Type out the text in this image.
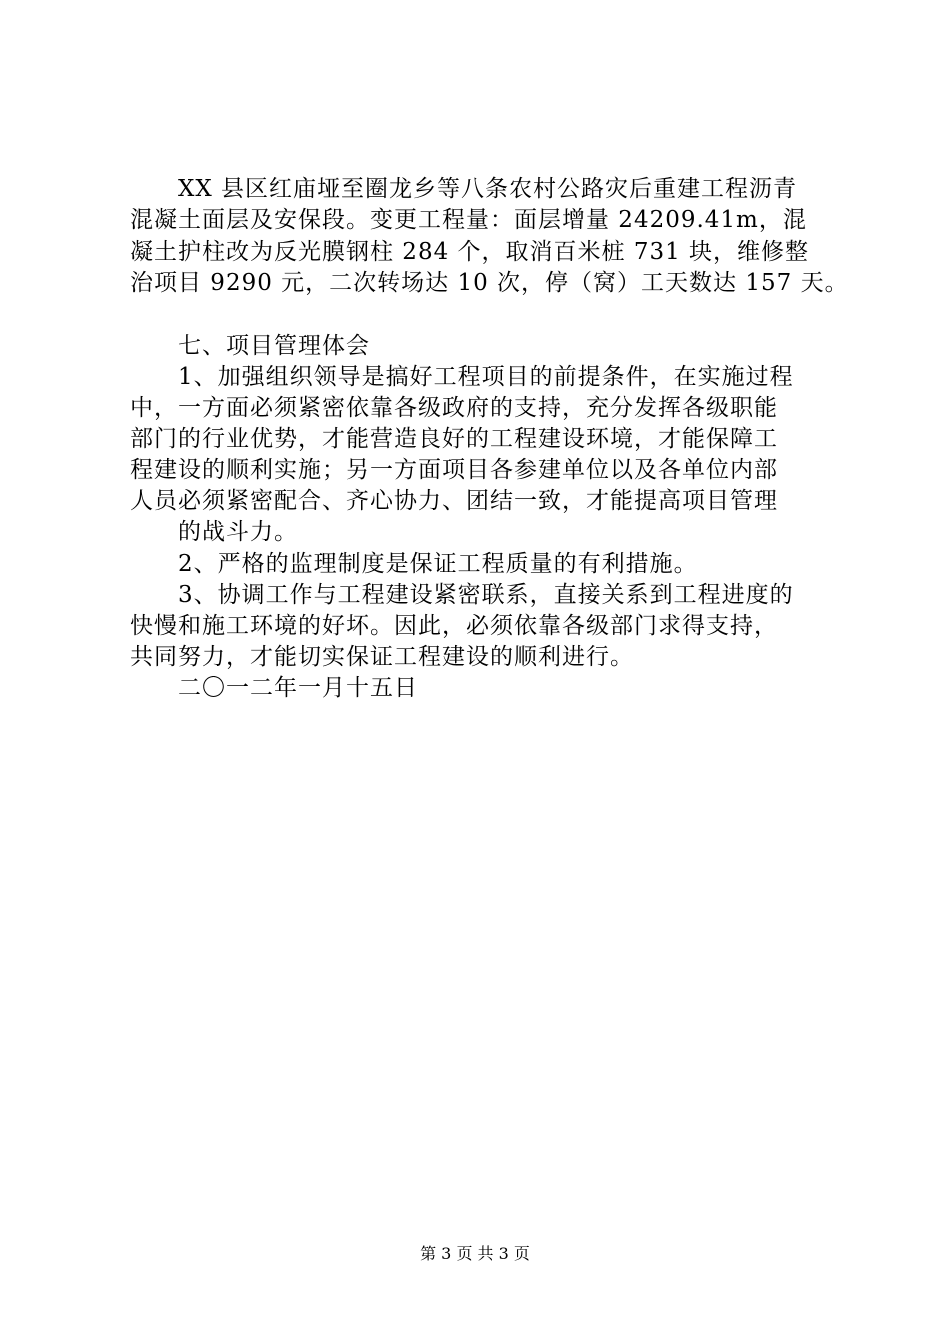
XX 县区红庙垭至圈龙乡等八条农村公路灾后重建工程沥青
混凝土面层及安保段。变更工程量：面层增量 24209.41m，混
凝土护柱改为反光膜钢柱 284 个，取消百米桩 731 块，维修整
治项目 9290 元，二次转场达 10 次，停（窝）工天数达 157 天。
七、项目管理体会
1、加强组织领导是搞好工程项目的前提条件，在实施过程
中，一方面必须紧密依靠各级政府的支持，充分发挥各级职能
部门的行业优势，才能营造良好的工程建设环境，才能保障工
程建设的顺利实施；另一方面项目各参建单位以及各单位内部
人员必须紧密配合、齐心协力、团结一致，才能提高项目管理
的战斗力。
2、严格的监理制度是保证工程质量的有利措施。
3、协调工作与工程建设紧密联系，直接关系到工程进度的
快慢和施工环境的好坏。因此，必须依靠各级部门求得支持，
共同努力，才能切实保证工程建设的顺利进行。
二〇一二年一月十五日
第 3 页 共 3 页
